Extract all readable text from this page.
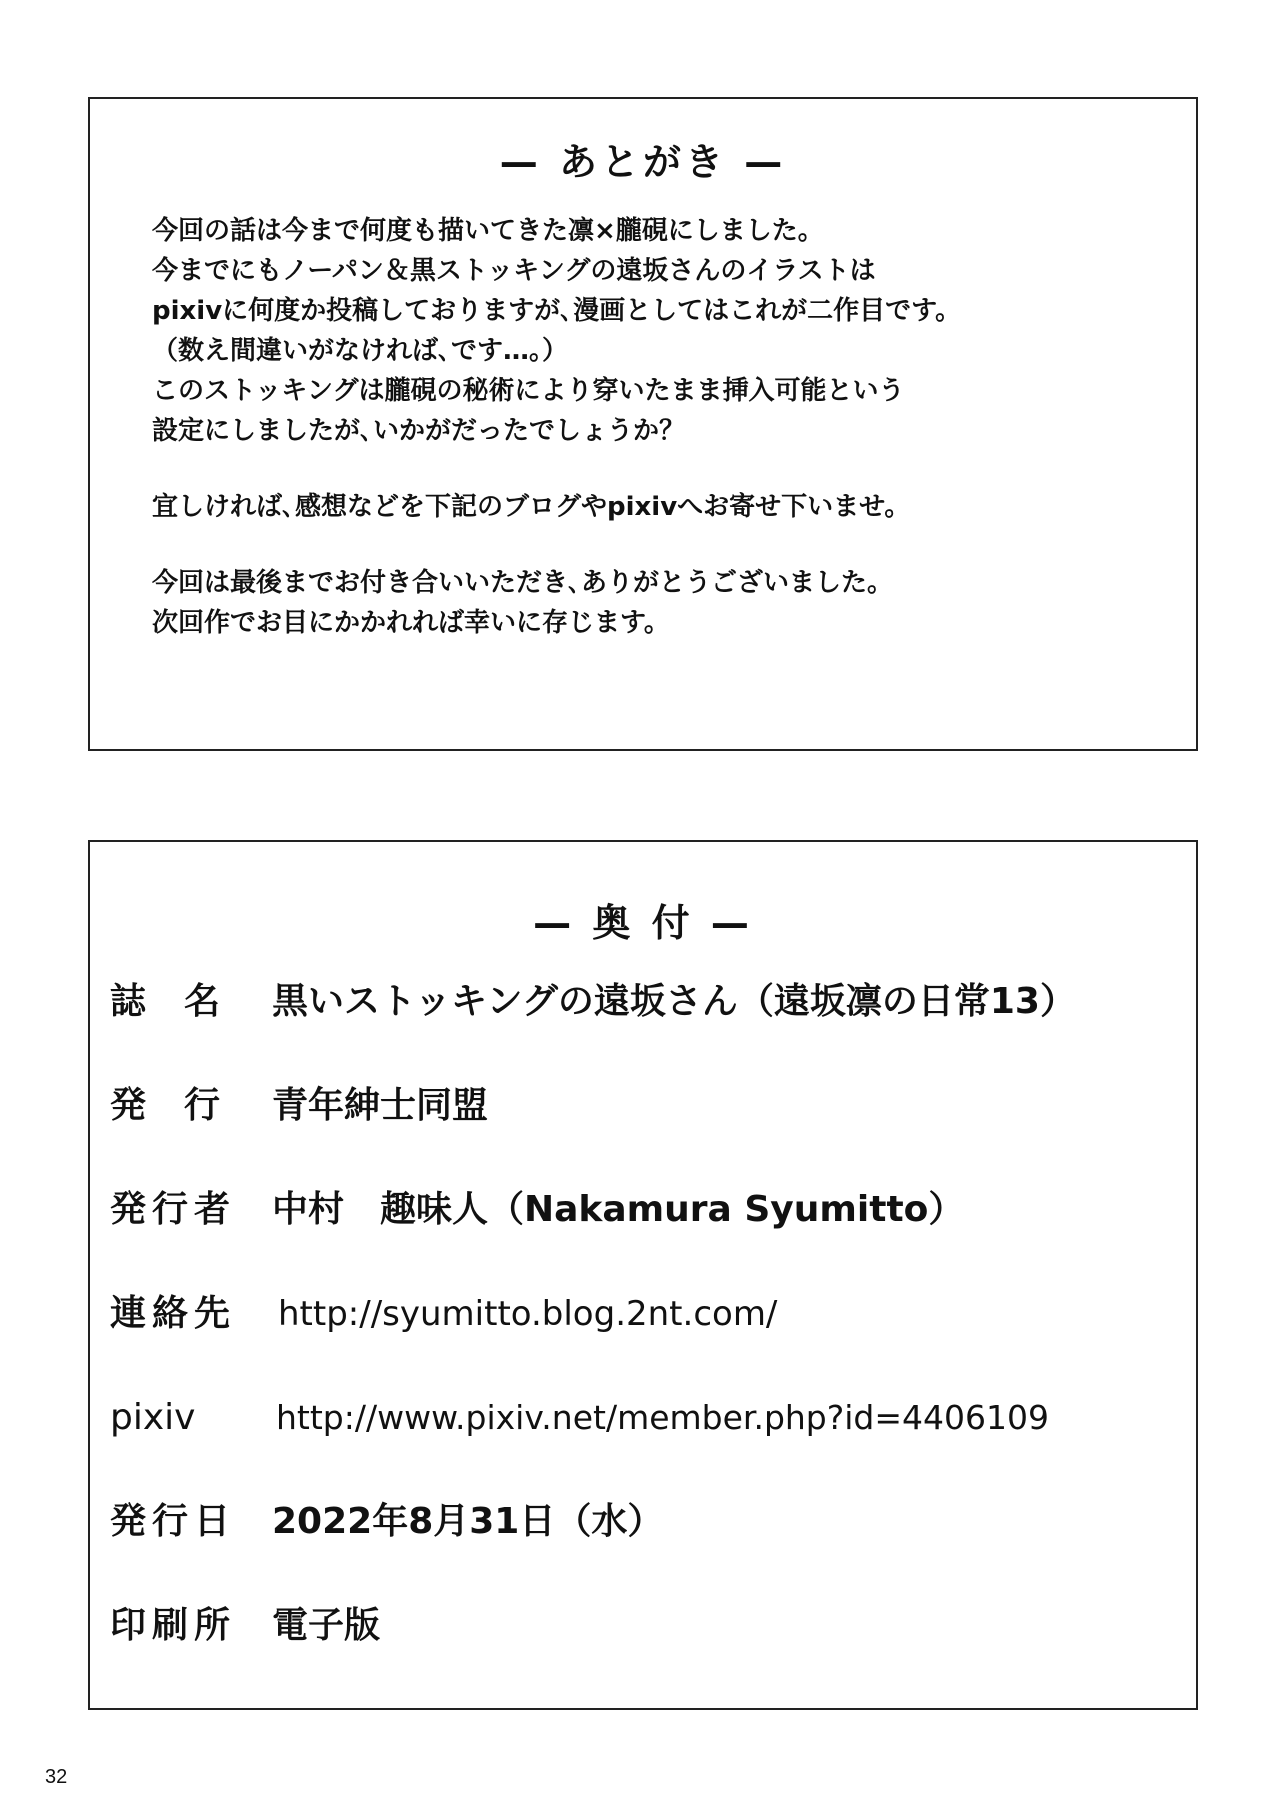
— あとがき —
今回の話は今まで何度も描いてきた凛×朧硯にしました。
今までにもノーパン＆黒ストッキングの遠坂さんのイラストは
pixivに何度か投稿しておりますが､漫画としてはこれが二作目です。
（数え間違いがなければ､です…。）
このストッキングは朧硯の秘術により穿いたまま挿入可能という
設定にしましたが､いかがだったでしょうか？
宜しければ､感想などを下記のブログやpixivへお寄せ下いませ。
今回は最後までお付き合いいただき､ありがとうございました。
次回作でお目にかかれれば幸いに存じます。
— 奥 付 —
誌名 黒いストッキングの遠坂さん（遠坂凛の日常13）
発行 青年紳士同盟
発行者 中村　趣味人（Nakamura Syumitto）
連絡先 http://syumitto.blog.2nt.com/
pixiv http://www.pixiv.net/member.php?id=4406109
発行日 2022年8月31日（水）
印刷所 電子版
32
